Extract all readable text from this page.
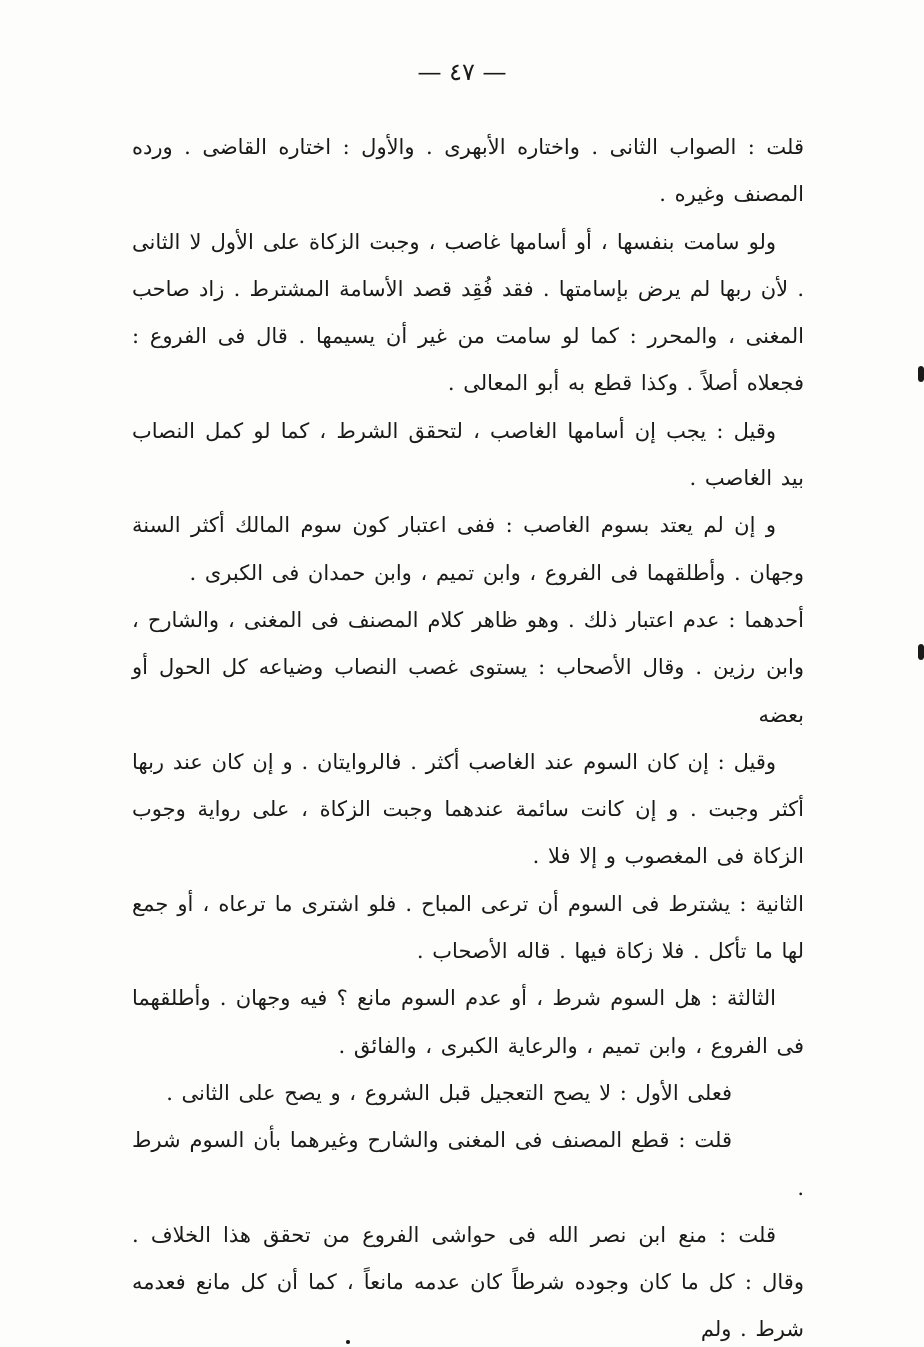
— ٤٧ —

قلت : الصواب الثانى . واختاره الأبهرى . والأول : اختاره القاضى . ورده المصنف وغيره .

ولو سامت بنفسها ، أو أسامها غاصب ، وجبت الزكاة على الأول لا الثانى . لأن ربها لم يرض بإسامتها . فقد فُقِد قصد الأسامة المشترط . زاد صاحب المغنى ، والمحرر : كما لو سامت من غير أن يسيمها . قال فى الفروع : فجعلاه أصلاً . وكذا قطع به أبو المعالى .

وقيل : يجب إن أسامها الغاصب ، لتحقق الشرط ، كما لو كمل النصاب بيد الغاصب .

و إن لم يعتد بسوم الغاصب : ففى اعتبار كون سوم المالك أكثر السنة وجهان . وأطلقهما فى الفروع ، وابن تميم ، وابن حمدان فى الكبرى .

أحدهما : عدم اعتبار ذلك . وهو ظاهر كلام المصنف فى المغنى ، والشارح ، وابن رزين . وقال الأصحاب : يستوى غصب النصاب وضياعه كل الحول أو بعضه

وقيل : إن كان السوم عند الغاصب أكثر . فالروايتان . و إن كان عند ربها أكثر وجبت . و إن كانت سائمة عندهما وجبت الزكاة ، على رواية وجوب الزكاة فى المغصوب و إلا فلا .

الثانية : يشترط فى السوم أن ترعى المباح . فلو اشترى ما ترعاه ، أو جمع لها ما تأكل . فلا زكاة فيها . قاله الأصحاب .

الثالثة : هل السوم شرط ، أو عدم السوم مانع ؟ فيه وجهان . وأطلقهما فى الفروع ، وابن تميم ، والرعاية الكبرى ، والفائق .

فعلى الأول : لا يصح التعجيل قبل الشروع ، و يصح على الثانى .

قلت : قطع المصنف فى المغنى والشارح وغيرهما بأن السوم شرط .

قلت : منع ابن نصر الله فى حواشى الفروع من تحقق هذا الخلاف . وقال : كل ما كان وجوده شرطاً كان عدمه مانعاً ، كما أن كل مانع فعدمه شرط . ولم
